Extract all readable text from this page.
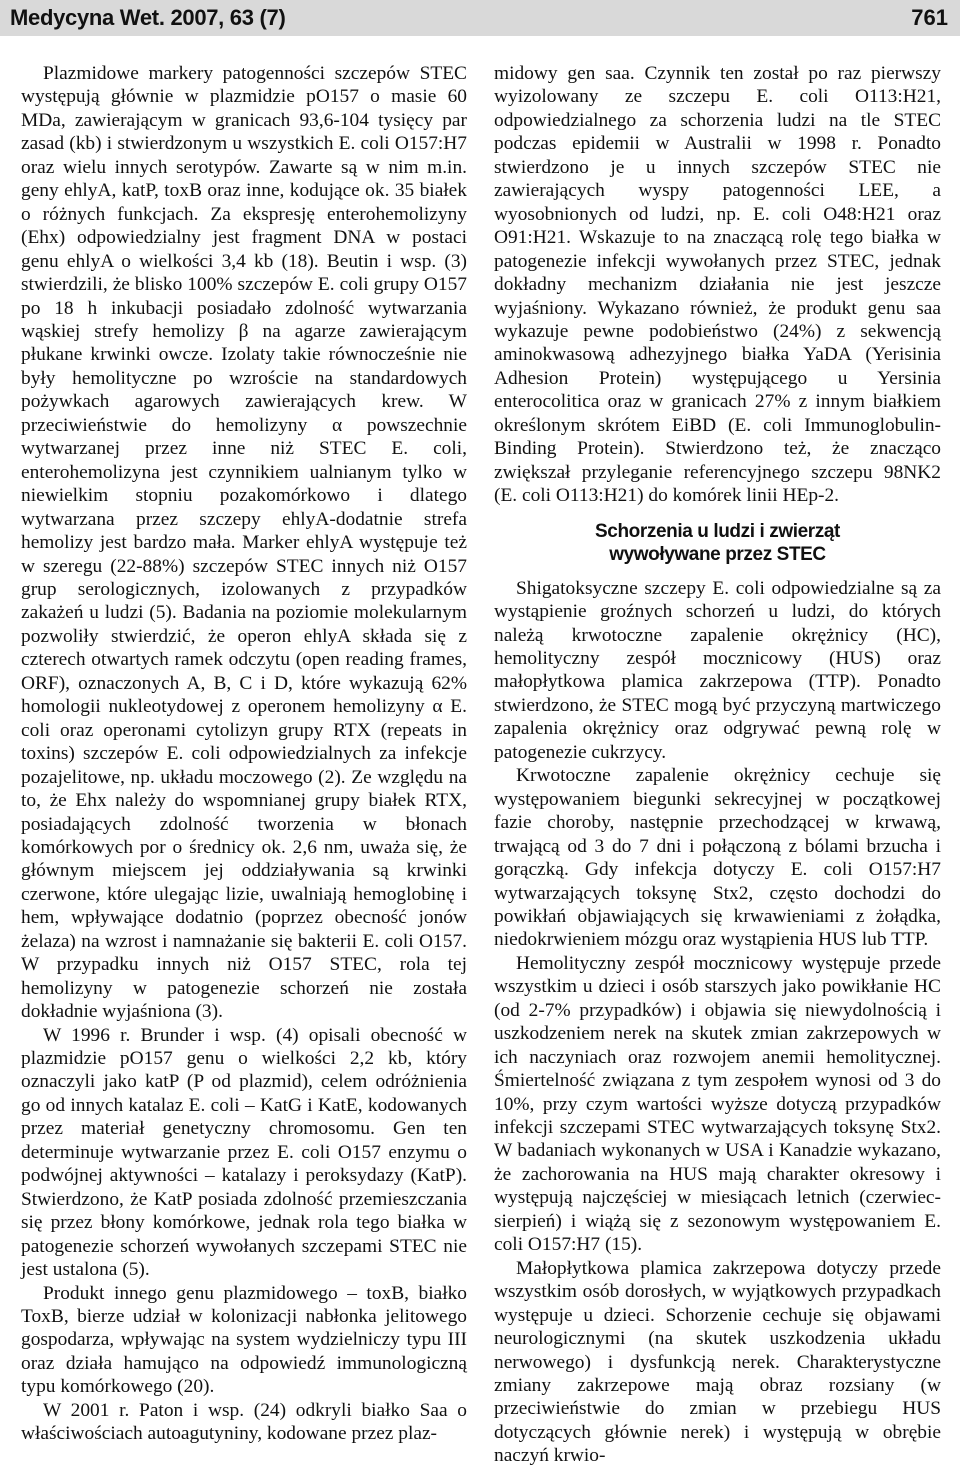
Medycyna Wet. 2007, 63 (7)	761

Plazmidowe markery patogenności szczepów STEC występują głównie w plazmidzie pO157 o masie 60 MDa, zawierającym w granicach 93,6-104 tysięcy par zasad (kb) i stwierdzonym u wszystkich E. coli O157:H7 oraz wielu innych serotypów. Zawarte są w nim m.in. geny ehlyA, katP, toxB oraz inne, kodujące ok. 35 białek o różnych funkcjach. Za ekspresję enterohemolizyny (Ehx) odpowiedzialny jest fragment DNA w postaci genu ehlyA o wielkości 3,4 kb (18). Beutin i wsp. (3) stwierdzili, że blisko 100% szczepów E. coli grupy O157 po 18 h inkubacji posiadało zdolność wytwarzania wąskiej strefy hemolizy β na agarze zawierającym płukane krwinki owcze. Izolaty takie równocześnie nie były hemolityczne po wzroście na standardowych pożywkach agarowych zawierających krew. W przeciwieństwie do hemolizyny α powszechnie wytwarzanej przez inne niż STEC E. coli, enterohemolizyna jest czynnikiem ualnianym tylko w niewielkim stopniu pozakomórkowo i dlatego wytwarzana przez szczepy ehlyA-dodatnie strefa hemolizy jest bardzo mała. Marker ehlyA występuje też w szeregu (22-88%) szczepów STEC innych niż O157 grup serologicznych, izolowanych z przypadków zakażeń u ludzi (5). Badania na poziomie molekularnym pozwoliły stwierdzić, że operon ehlyA składa się z czterech otwartych ramek odczytu (open reading frames, ORF), oznaczonych A, B, C i D, które wykazują 62% homologii nukleotydowej z operonem hemolizyny α E. coli oraz operonami cytolizyn grupy RTX (repeats in toxins) szczepów E. coli odpowiedzialnych za infekcje pozajelitowe, np. układu moczowego (2). Ze względu na to, że Ehx należy do wspomnianej grupy białek RTX, posiadających zdolność tworzenia w błonach komórkowych por o średnicy ok. 2,6 nm, uważa się, że głównym miejscem jej oddziaływania są krwinki czerwone, które ulegając lizie, uwalniają hemoglobinę i hem, wpływające dodatnio (poprzez obecność jonów żelaza) na wzrost i namnażanie się bakterii E. coli O157. W przypadku innych niż O157 STEC, rola tej hemolizyny w patogenezie schorzeń nie została dokładnie wyjaśniona (3).

W 1996 r. Brunder i wsp. (4) opisali obecność w plazmidzie pO157 genu o wielkości 2,2 kb, który oznaczyli jako katP (P od plazmid), celem odróżnienia go od innych katalaz E. coli – KatG i KatE, kodowanych przez materiał genetyczny chromosomu. Gen ten determinuje wytwarzanie przez E. coli O157 enzymu o podwójnej aktywności – katalazy i peroksydazy (KatP). Stwierdzono, że KatP posiada zdolność przemieszczania się przez błony komórkowe, jednak rola tego białka w patogenezie schorzeń wywołanych szczepami STEC nie jest ustalona (5).

Produkt innego genu plazmidowego – toxB, białko ToxB, bierze udział w kolonizacji nabłonka jelitowego gospodarza, wpływając na system wydzielniczy typu III oraz działa hamująco na odpowiedź immunologiczną typu komórkowego (20).

W 2001 r. Paton i wsp. (24) odkryli białko Saa o właściwościach autoagutyniny, kodowane przez plaz-

midowy gen saa. Czynnik ten został po raz pierwszy wyizolowany ze szczepu E. coli O113:H21, odpowiedzialnego za schorzenia ludzi na tle STEC podczas epidemii w Australii w 1998 r. Ponadto stwierdzono je u innych szczepów STEC nie zawierających wyspy patogenności LEE, a wyosobnionych od ludzi, np. E. coli O48:H21 oraz O91:H21. Wskazuje to na znaczącą rolę tego białka w patogenezie infekcji wywołanych przez STEC, jednak dokładny mechanizm działania nie jest jeszcze wyjaśniony. Wykazano również, że produkt genu saa wykazuje pewne podobieństwo (24%) z sekwencją aminokwasową adhezyjnego białka YaDA (Yerisinia Adhesion Protein) występującego u Yersinia enterocolitica oraz w granicach 27% z innym białkiem określonym skrótem EiBD (E. coli Immunoglobulin-Binding Protein). Stwierdzono też, że znacząco zwiększał przyleganie referencyjnego szczepu 98NK2 (E. coli O113:H21) do komórek linii HEp-2.

Schorzenia u ludzi i zwierząt
wywoływane przez STEC

Shigatoksyczne szczepy E. coli odpowiedzialne są za wystąpienie groźnych schorzeń u ludzi, do których należą krwotoczne zapalenie okrężnicy (HC), hemolityczny zespół mocznicowy (HUS) oraz małopłytkowa plamica zakrzepowa (TTP). Ponadto stwierdzono, że STEC mogą być przyczyną martwiczego zapalenia okrężnicy oraz odgrywać pewną rolę w patogenezie cukrzycy.

Krwotoczne zapalenie okrężnicy cechuje się występowaniem biegunki sekrecyjnej w początkowej fazie choroby, następnie przechodzącej w krwawą, trwającą od 3 do 7 dni i połączoną z bólami brzucha i gorączką. Gdy infekcja dotyczy E. coli O157:H7 wytwarzających toksynę Stx2, często dochodzi do powikłań objawiających się krwawieniami z żołądka, niedokrwieniem mózgu oraz wystąpienia HUS lub TTP.

Hemolityczny zespół mocznicowy występuje przede wszystkim u dzieci i osób starszych jako powikłanie HC (od 2-7% przypadków) i objawia się niewydolnością i uszkodzeniem nerek na skutek zmian zakrzepowych w ich naczyniach oraz rozwojem anemii hemolitycznej. Śmiertelność związana z tym zespołem wynosi od 3 do 10%, przy czym wartości wyższe dotyczą przypadków infekcji szczepami STEC wytwarzających toksynę Stx2. W badaniach wykonanych w USA i Kanadzie wykazano, że zachorowania na HUS mają charakter okresowy i występują najczęściej w miesiącach letnich (czerwiec-sierpień) i wiążą się z sezonowym występowaniem E. coli O157:H7 (15).

Małopłytkowa plamica zakrzepowa dotyczy przede wszystkim osób dorosłych, w wyjątkowych przypadkach występuje u dzieci. Schorzenie cechuje się objawami neurologicznymi (na skutek uszkodzenia układu nerwowego) i dysfunkcją nerek. Charakterystyczne zmiany zakrzepowe mają obraz rozsiany (w przeciwieństwie do zmian w przebiegu HUS dotyczących głównie nerek) i występują w obrębie naczyń krwio-
